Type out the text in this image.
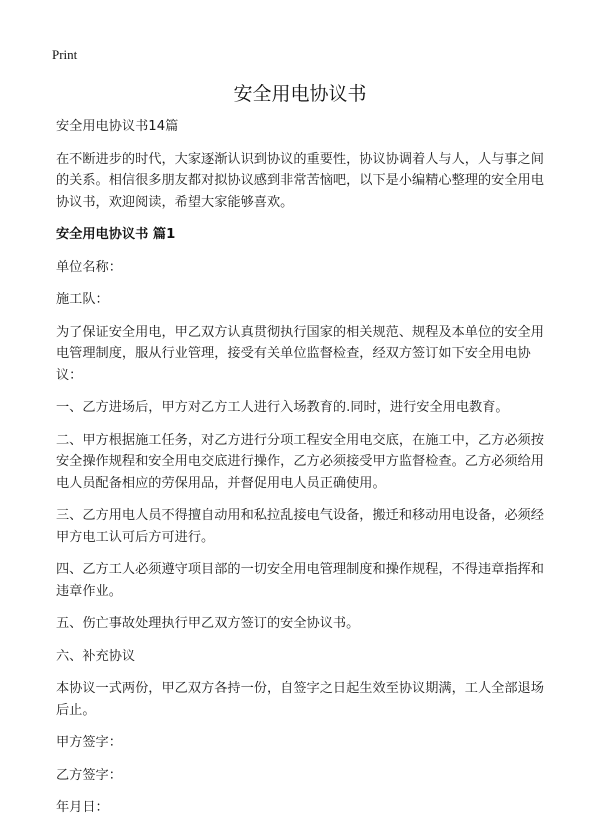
Print
安全用电协议书

安全用电协议书14篇

在不断进步的时代，大家逐渐认识到协议的重要性，协议协调着人与人，人与事之间的关系。相信很多朋友都对拟协议感到非常苦恼吧，以下是小编精心整理的安全用电协议书，欢迎阅读，希望大家能够喜欢。

安全用电协议书 篇1

单位名称：

施工队：

为了保证安全用电，甲乙双方认真贯彻执行国家的相关规范、规程及本单位的安全用电管理制度，服从行业管理，接受有关单位监督检查，经双方签订如下安全用电协议：

一、乙方进场后，甲方对乙方工人进行入场教育的.同时，进行安全用电教育。

二、甲方根据施工任务，对乙方进行分项工程安全用电交底，在施工中，乙方必须按安全操作规程和安全用电交底进行操作，乙方必须接受甲方监督检查。乙方必须给用电人员配备相应的劳保用品，并督促用电人员正确使用。

三、乙方用电人员不得擅自动用和私拉乱接电气设备，搬迁和移动用电设备，必须经甲方电工认可后方可进行。

四、乙方工人必须遵守项目部的一切安全用电管理制度和操作规程，不得违章指挥和违章作业。

五、伤亡事故处理执行甲乙双方签订的安全协议书。

六、补充协议

本协议一式两份，甲乙双方各持一份，自签字之日起生效至协议期满，工人全部退场后止。

甲方签字：

乙方签字：

年月日：
